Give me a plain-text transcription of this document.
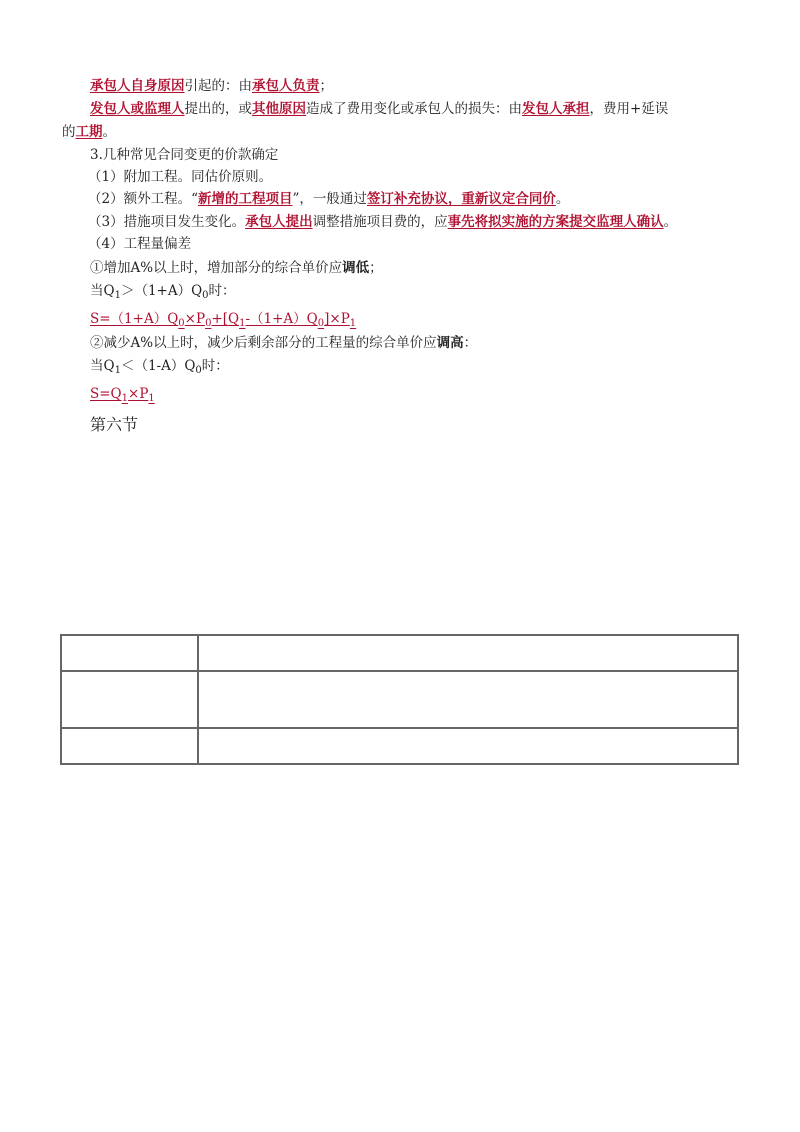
承包人自身原因引起的：由承包人负责；
发包人或监理人提出的，或其他原因造成了费用变化或承包人的损失：由发包人承担，费用+延误
的工期。
3.几种常见合同变更的价款确定
（1）附加工程。同估价原则。
（2）额外工程。“新增的工程项目”，一般通过签订补充协议，重新议定合同价。
（3）措施项目发生变化。承包人提出调整措施项目费的，应事先将拟实施的方案提交监理人确认。
（4）工程量偏差
①增加A%以上时，增加部分的综合单价应调低；
当$Q_1>(1+A)Q_0$时：
$S=(1+A)Q_0\times P_0+[Q_1-(1+A)Q_0]\times P_1$
②减少A%以上时，减少后剩余部分的工程量的综合单价应调高：
当$Q_1<(1-A)Q_0$时：
$S=Q_1\times P_1$
第六节
